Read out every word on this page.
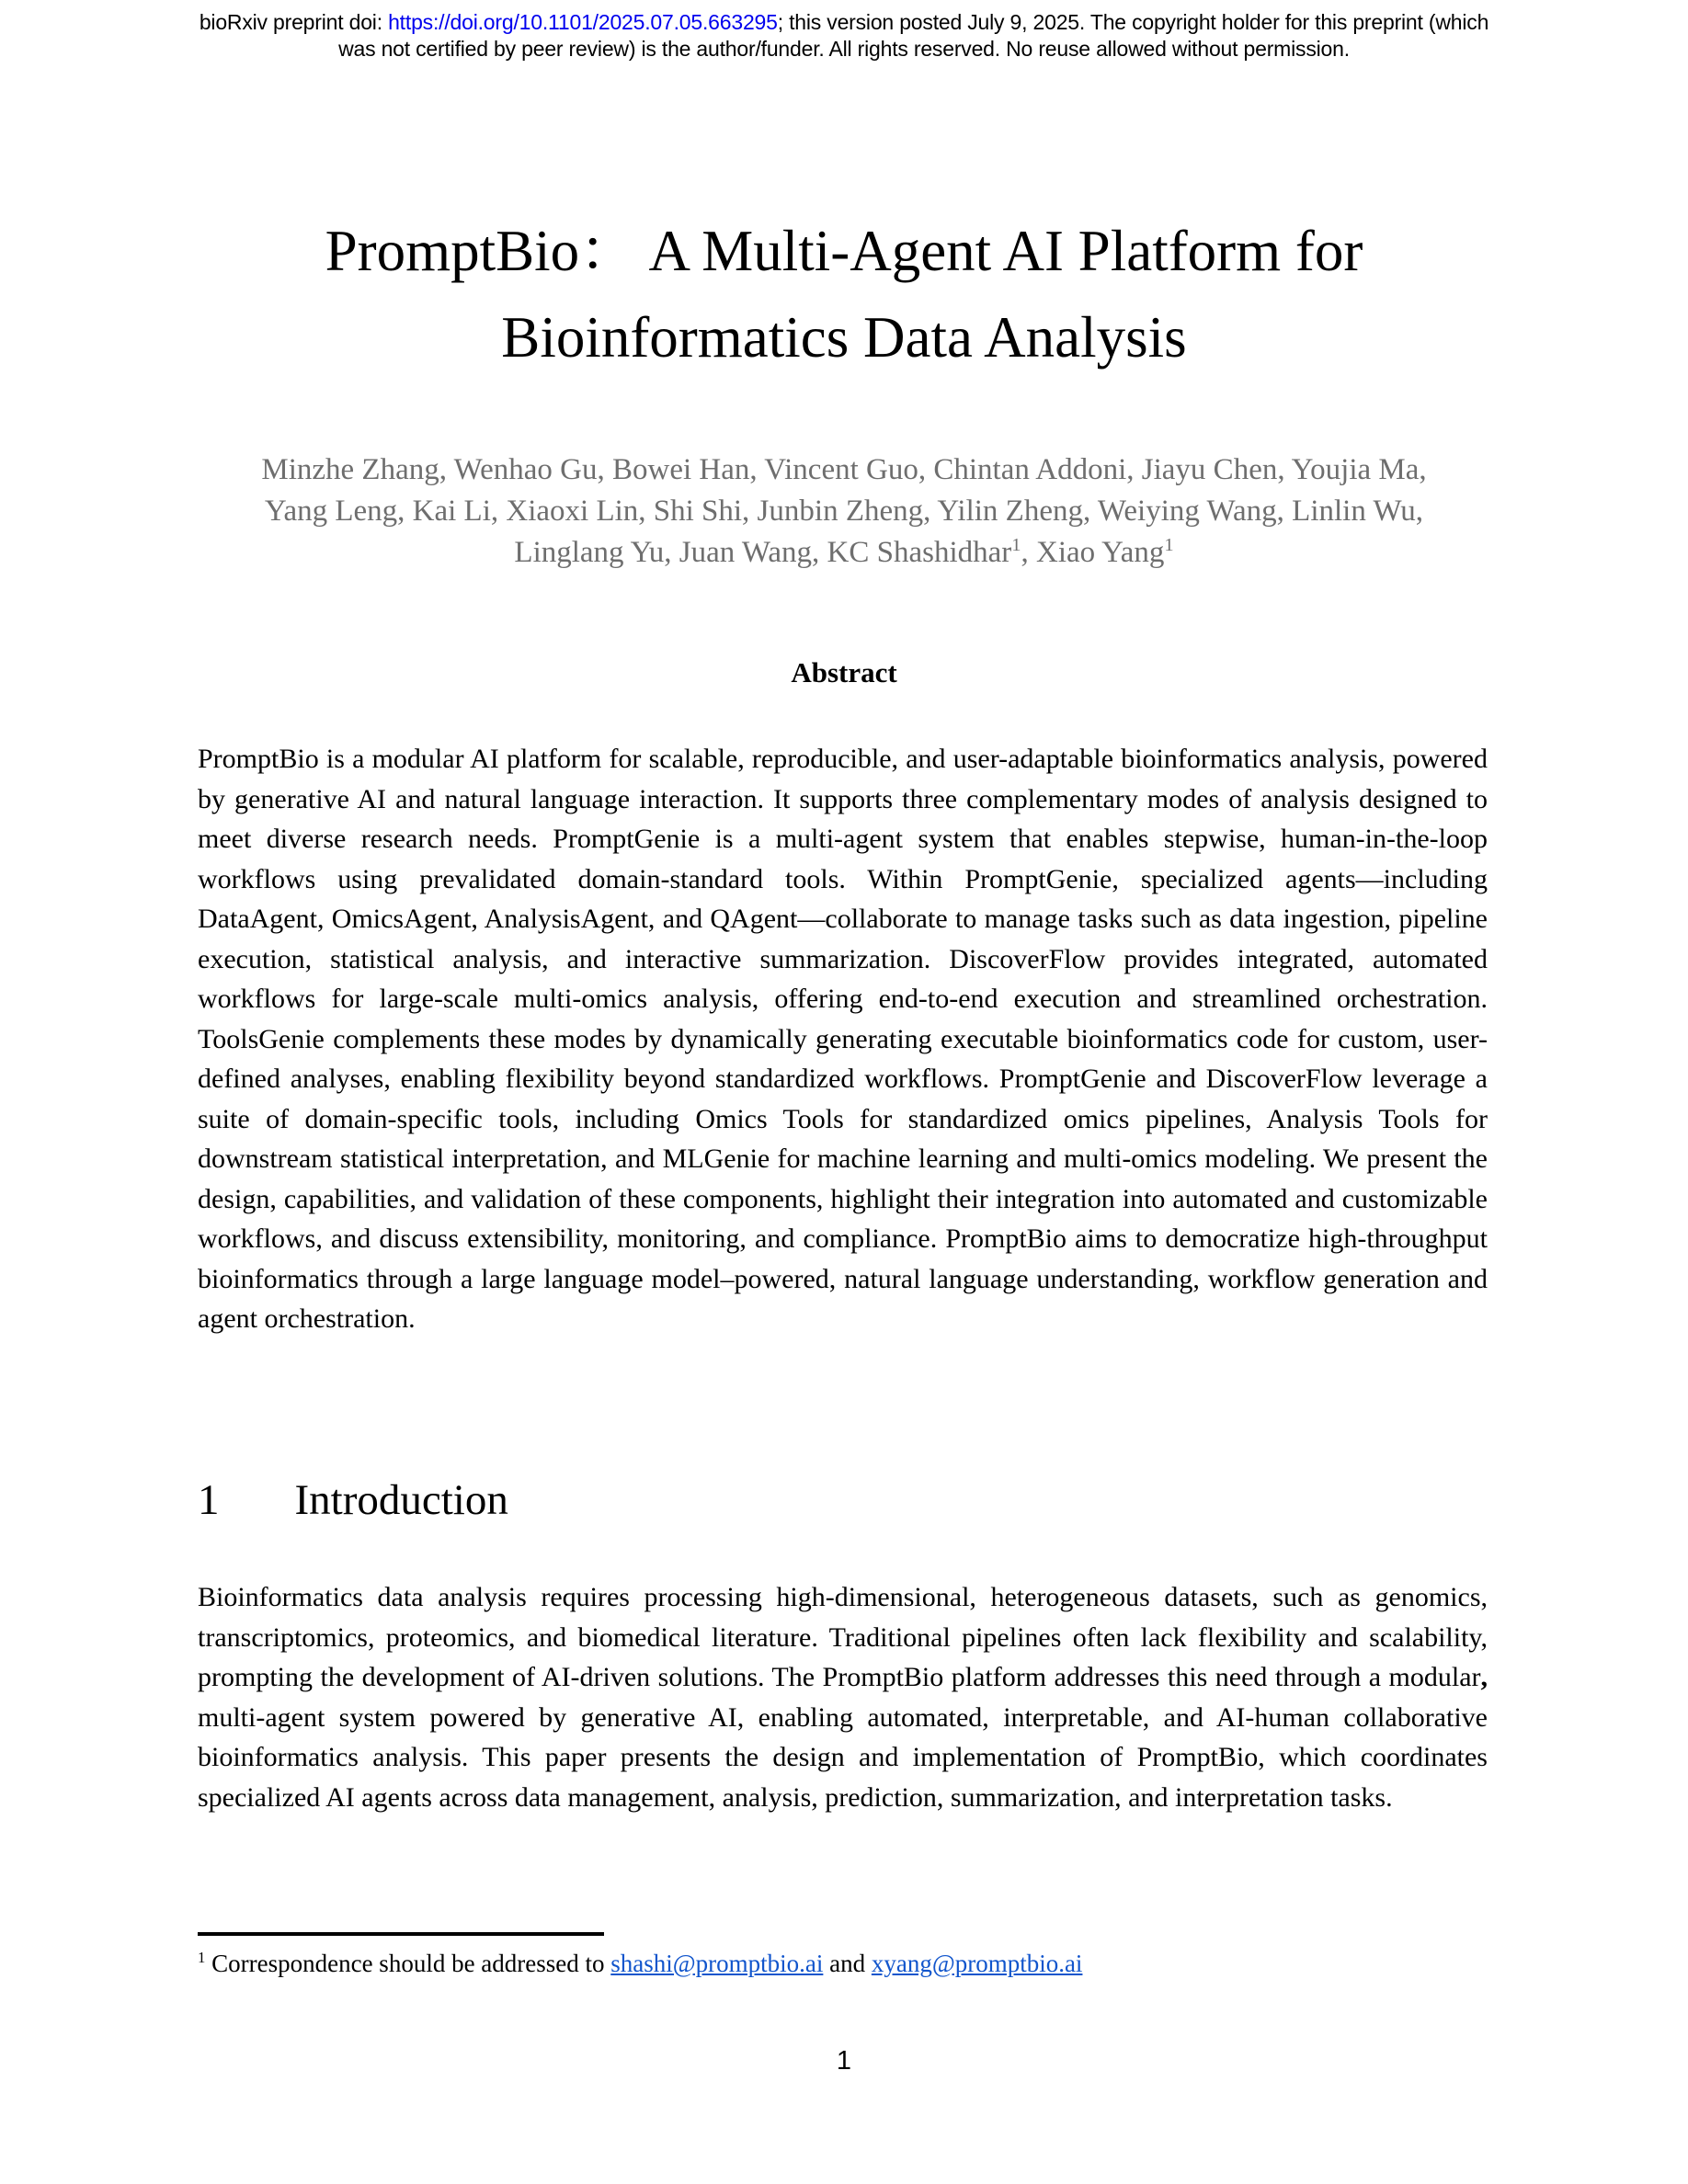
bioRxiv preprint doi: https://doi.org/10.1101/2025.07.05.663295; this version posted July 9, 2025. The copyright holder for this preprint (which
was not certified by peer review) is the author/funder. All rights reserved. No reuse allowed without permission.
PromptBio： A Multi-Agent AI Platform for
Bioinformatics Data Analysis
Minzhe Zhang, Wenhao Gu, Bowei Han, Vincent Guo, Chintan Addoni, Jiayu Chen, Youjia Ma,
Yang Leng, Kai Li, Xiaoxi Lin, Shi Shi, Junbin Zheng, Yilin Zheng, Weiying Wang, Linlin Wu,
Linglang Yu, Juan Wang, KC Shashidhar$^1$, Xiao Yang$^1$
Abstract

PromptBio is a modular AI platform for scalable, reproducible, and user-adaptable bioinformatics analysis, powered by generative AI and natural language interaction. It supports three complementary modes of analysis designed to meet diverse research needs. PromptGenie is a multi-agent system that enables stepwise, human-in-the-loop workflows using prevalidated domain-standard tools. Within PromptGenie, specialized agents—including DataAgent, OmicsAgent, AnalysisAgent, and QAgent—collaborate to manage tasks such as data ingestion, pipeline execution, statistical analysis, and interactive summarization. DiscoverFlow provides integrated, automated workflows for large-scale multi-omics analysis, offering end-to-end execution and streamlined orchestration. ToolsGenie complements these modes by dynamically generating executable bioinformatics code for custom, user-defined analyses, enabling flexibility beyond standardized workflows. PromptGenie and DiscoverFlow leverage a suite of domain-specific tools, including Omics Tools for standardized omics pipelines, Analysis Tools for downstream statistical interpretation, and MLGenie for machine learning and multi-omics modeling. We present the design, capabilities, and validation of these components, highlight their integration into automated and customizable workflows, and discuss extensibility, monitoring, and compliance. PromptBio aims to democratize high-throughput bioinformatics through a large language model–powered, natural language understanding, workflow generation and agent orchestration.

1 Introduction

Bioinformatics data analysis requires processing high-dimensional, heterogeneous datasets, such as genomics, transcriptomics, proteomics, and biomedical literature. Traditional pipelines often lack flexibility and scalability, prompting the development of AI-driven solutions. The PromptBio platform addresses this need through a modular, multi-agent system powered by generative AI, enabling automated, interpretable, and AI-human collaborative bioinformatics analysis. This paper presents the design and implementation of PromptBio, which coordinates specialized AI agents across data management, analysis, prediction, summarization, and interpretation tasks.

$^1$ Correspondence should be addressed to shashi@promptbio.ai and xyang@promptbio.ai
1
